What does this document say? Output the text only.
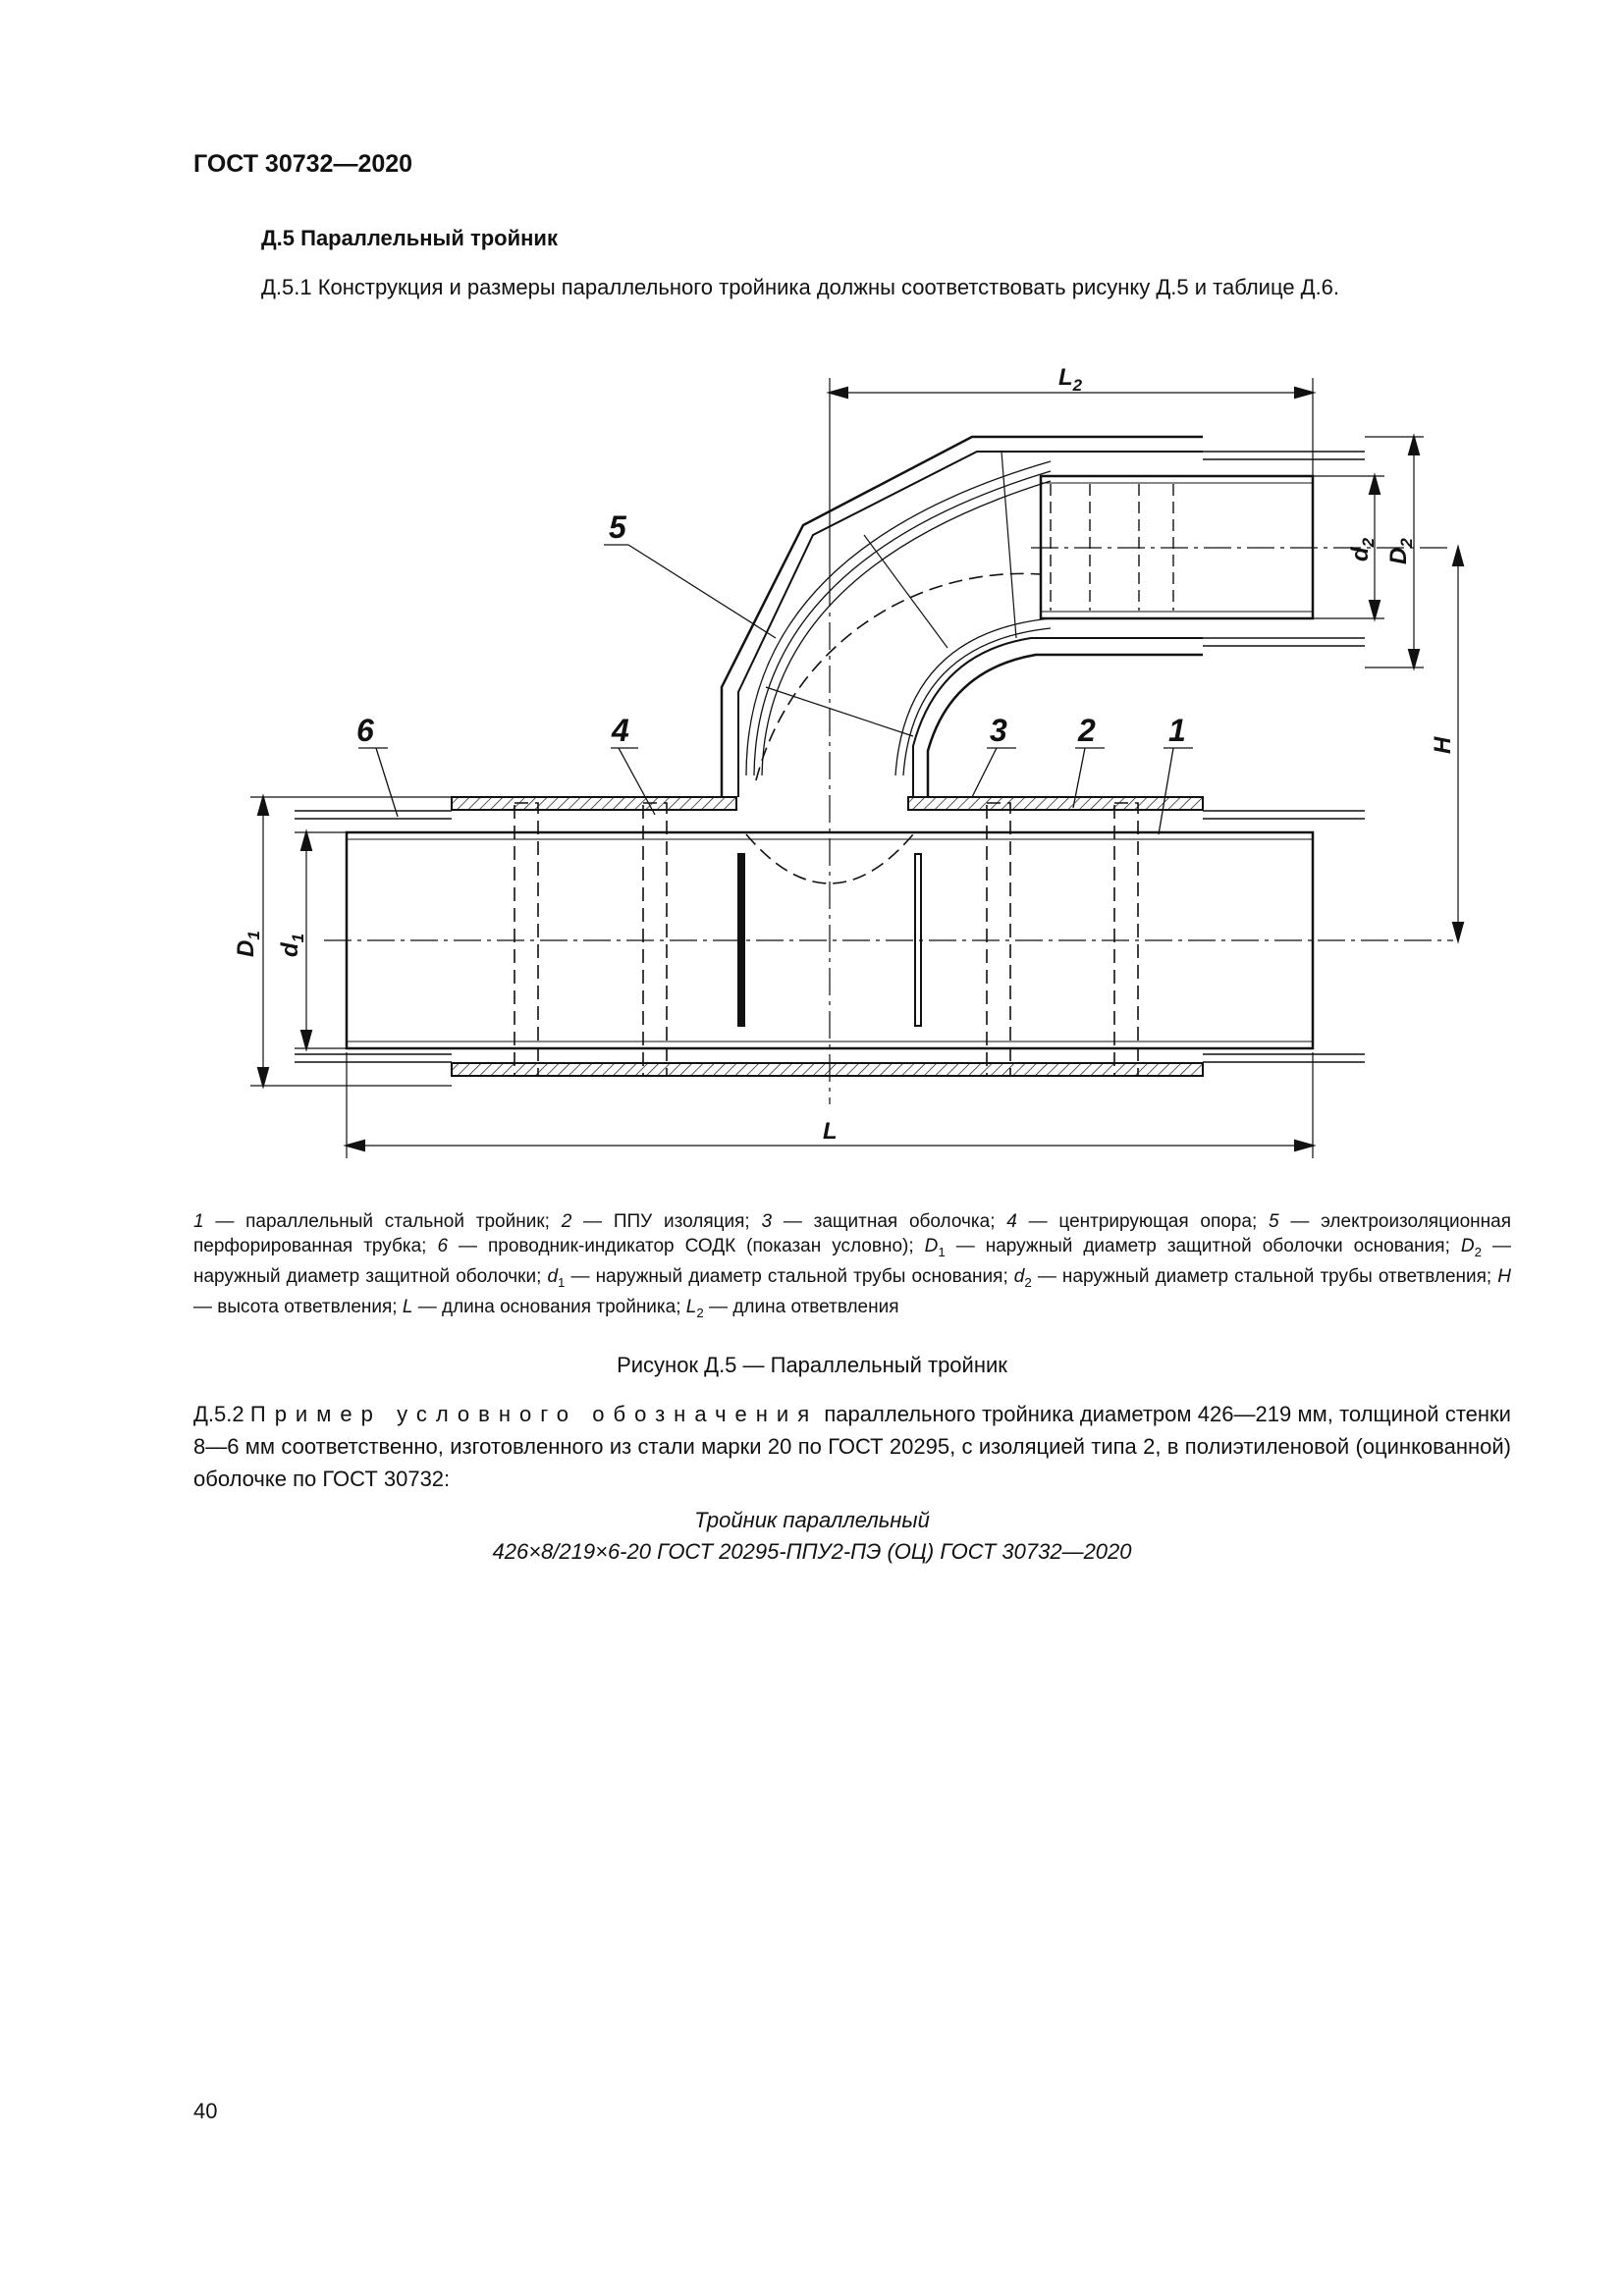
ГОСТ 30732—2020
Д.5 Параллельный тройник
Д.5.1 Конструкция и размеры параллельного тройника должны соответствовать рисунку Д.5 и таблице Д.6.
5
6	4	3 2 1
L
$L_2$
$D_1$
$d_1$
$d_2$
$D_2$
H
1 — параллельный стальной тройник; 2 — ППУ изоляция; 3 — защитная оболочка; 4 — центрирующая опора; 5 — электроизоляционная перфорированная трубка; 6 — проводник-индикатор СОДК (показан условно); $D_1$ — наружный диаметр защитной оболочки основания; $D_2$ — наружный диаметр защитной оболочки; $d_1$ — наружный диаметр стальной трубы основания; $d_2$ — наружный диаметр стальной трубы ответвления; H — высота ответвления; L — длина основания тройника; $L_2$ — длина ответвления
Рисунок Д.5 — Параллельный тройник
Д.5.2 Пример условного обозначения параллельного тройника диаметром 426—219 мм, толщиной стенки 8—6 мм соответственно, изготовленного из стали марки 20 по ГОСТ 20295, с изоляцией типа 2, в полиэтиленовой (оцинкованной) оболочке по ГОСТ 30732:
Тройник параллельный
426×8/219×6-20 ГОСТ 20295-ППУ2-ПЭ (ОЦ) ГОСТ 30732—2020
40
